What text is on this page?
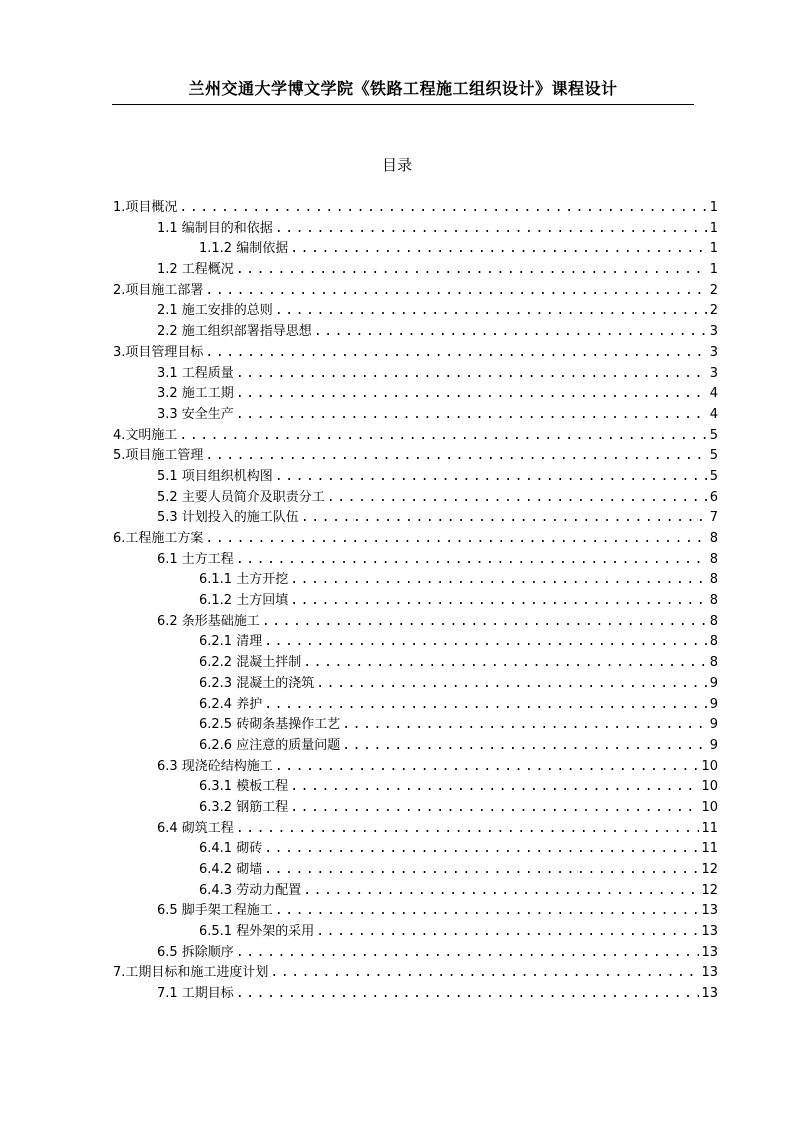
兰州交通大学博文学院《铁路工程施工组织设计》课程设计
目录
1.项目概况 .....	1
1.1 编制目的和依据 .....	1
1.1.2 编制依据 .....	1
1.2 工程概况 .....	1
2.项目施工部署 .....	2
2.1 施工安排的总则 .....	2
2.2 施工组织部署指导思想 .....	3
3.项目管理目标 .....	3
3.1 工程质量 .....	3
3.2 施工工期 .....	4
3.3 安全生产 .....	4
4.文明施工 .....	5
5.项目施工管理 .....	5
5.1 项目组织机构图 .....	5
5.2 主要人员简介及职责分工 .....	6
5.3 计划投入的施工队伍 .....	7
6.工程施工方案 .....	8
6.1 土方工程 .....	8
6.1.1 土方开挖 .....	8
6.1.2 土方回填 .....	8
6.2 条形基础施工 .....	8
6.2.1 清理 .....	8
6.2.2 混凝土拌制 .....	8
6.2.3 混凝土的浇筑 .....	9
6.2.4 养护 .....	9
6.2.5 砖砌条基操作工艺 .....	9
6.2.6 应注意的质量问题 .....	9
6.3 现浇砼结构施工 .....	10
6.3.1 模板工程 .....	10
6.3.2 钢筋工程 .....	10
6.4 砌筑工程 .....	11
6.4.1 砌砖 .....	11
6.4.2 砌墙 .....	12
6.4.3 劳动力配置 .....	12
6.5 脚手架工程施工 .....	13
6.5.1 程外架的采用 .....	13
6.5 拆除顺序 .....	13
7.工期目标和施工进度计划 .....	13
7.1 工期目标 .....	13
